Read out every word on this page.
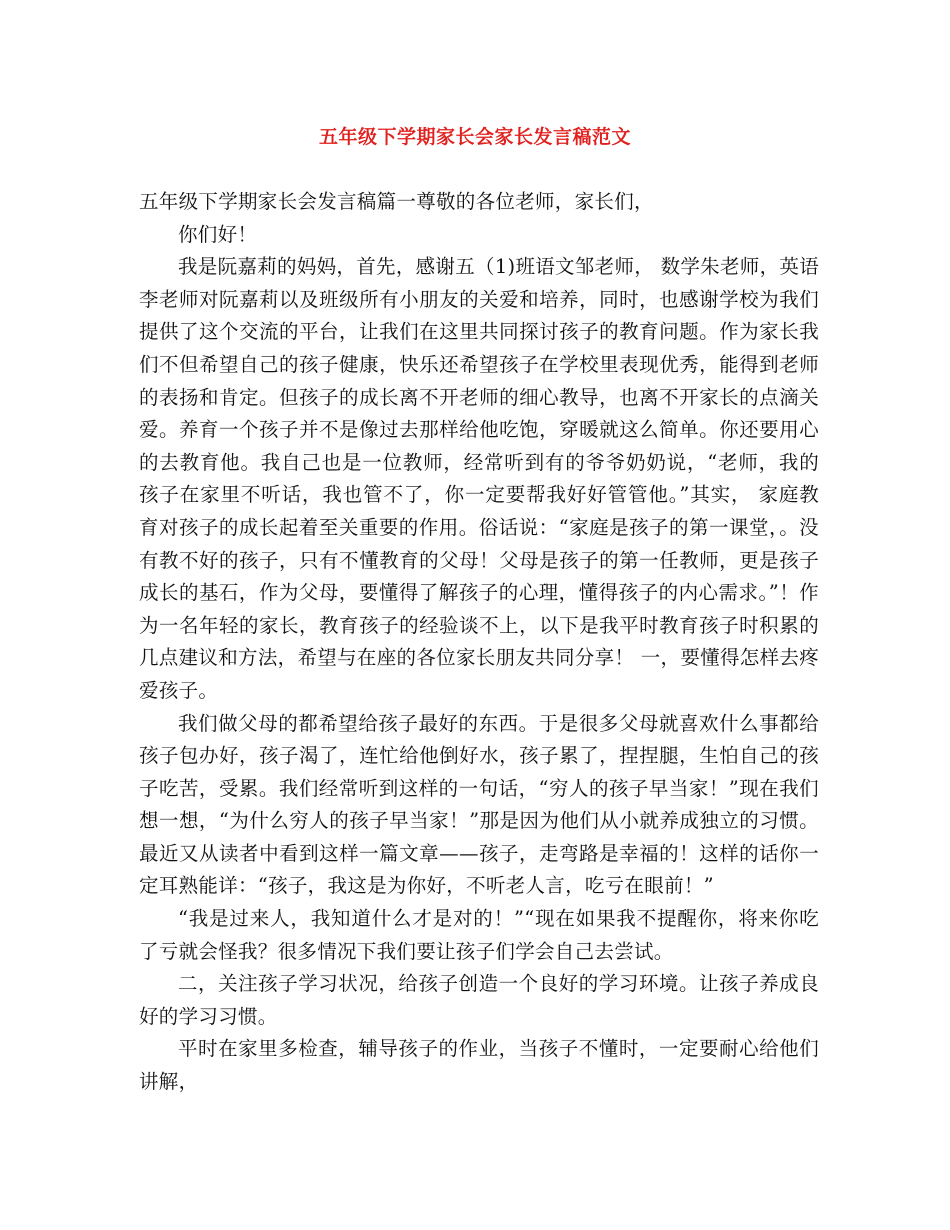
五年级下学期家长会家长发言稿范文

五年级下学期家长会发言稿篇一尊敬的各位老师，家长们，

你们好！

我是阮嘉莉的妈妈，首先，感谢五（1)班语文邹老师， 数学朱老师，英语李老师对阮嘉莉以及班级所有小朋友的关爱和培养，同时，也感谢学校为我们提供了这个交流的平台，让我们在这里共同探讨孩子的教育问题。作为家长我们不但希望自己的孩子健康，快乐还希望孩子在学校里表现优秀，能得到老师的表扬和肯定。但孩子的成长离不开老师的细心教导，也离不开家长的点滴关爱。养育一个孩子并不是像过去那样给他吃饱，穿暖就这么简单。你还要用心的去教育他。我自己也是一位教师，经常听到有的爷爷奶奶说，“老师，我的孩子在家里不听话，我也管不了，你一定要帮我好好管管他。”其实， 家庭教育对孩子的成长起着至关重要的作用。俗话说：“家庭是孩子的第一课堂，。没有教不好的孩子，只有不懂教育的父母！父母是孩子的第一任教师，更是孩子成长的基石，作为父母，要懂得了解孩子的心理，懂得孩子的内心需求。”！作为一名年轻的家长，教育孩子的经验谈不上，以下是我平时教育孩子时积累的几点建议和方法，希望与在座的各位家长朋友共同分享！ 一，要懂得怎样去疼爱孩子。

我们做父母的都希望给孩子最好的东西。于是很多父母就喜欢什么事都给孩子包办好，孩子渴了，连忙给他倒好水，孩子累了，捏捏腿，生怕自己的孩子吃苦，受累。我们经常听到这样的一句话，“穷人的孩子早当家！”现在我们想一想，“为什么穷人的孩子早当家！”那是因为他们从小就养成独立的习惯。最近又从读者中看到这样一篇文章——孩子，走弯路是幸福的！这样的话你一定耳熟能详：“孩子，我这是为你好，不听老人言，吃亏在眼前！”

“我是过来人，我知道什么才是对的！”“现在如果我不提醒你，将来你吃了亏就会怪我？很多情况下我们要让孩子们学会自己去尝试。

二，关注孩子学习状况，给孩子创造一个良好的学习环境。让孩子养成良好的学习习惯。

平时在家里多检查，辅导孩子的作业，当孩子不懂时，一定要耐心给他们讲解，
